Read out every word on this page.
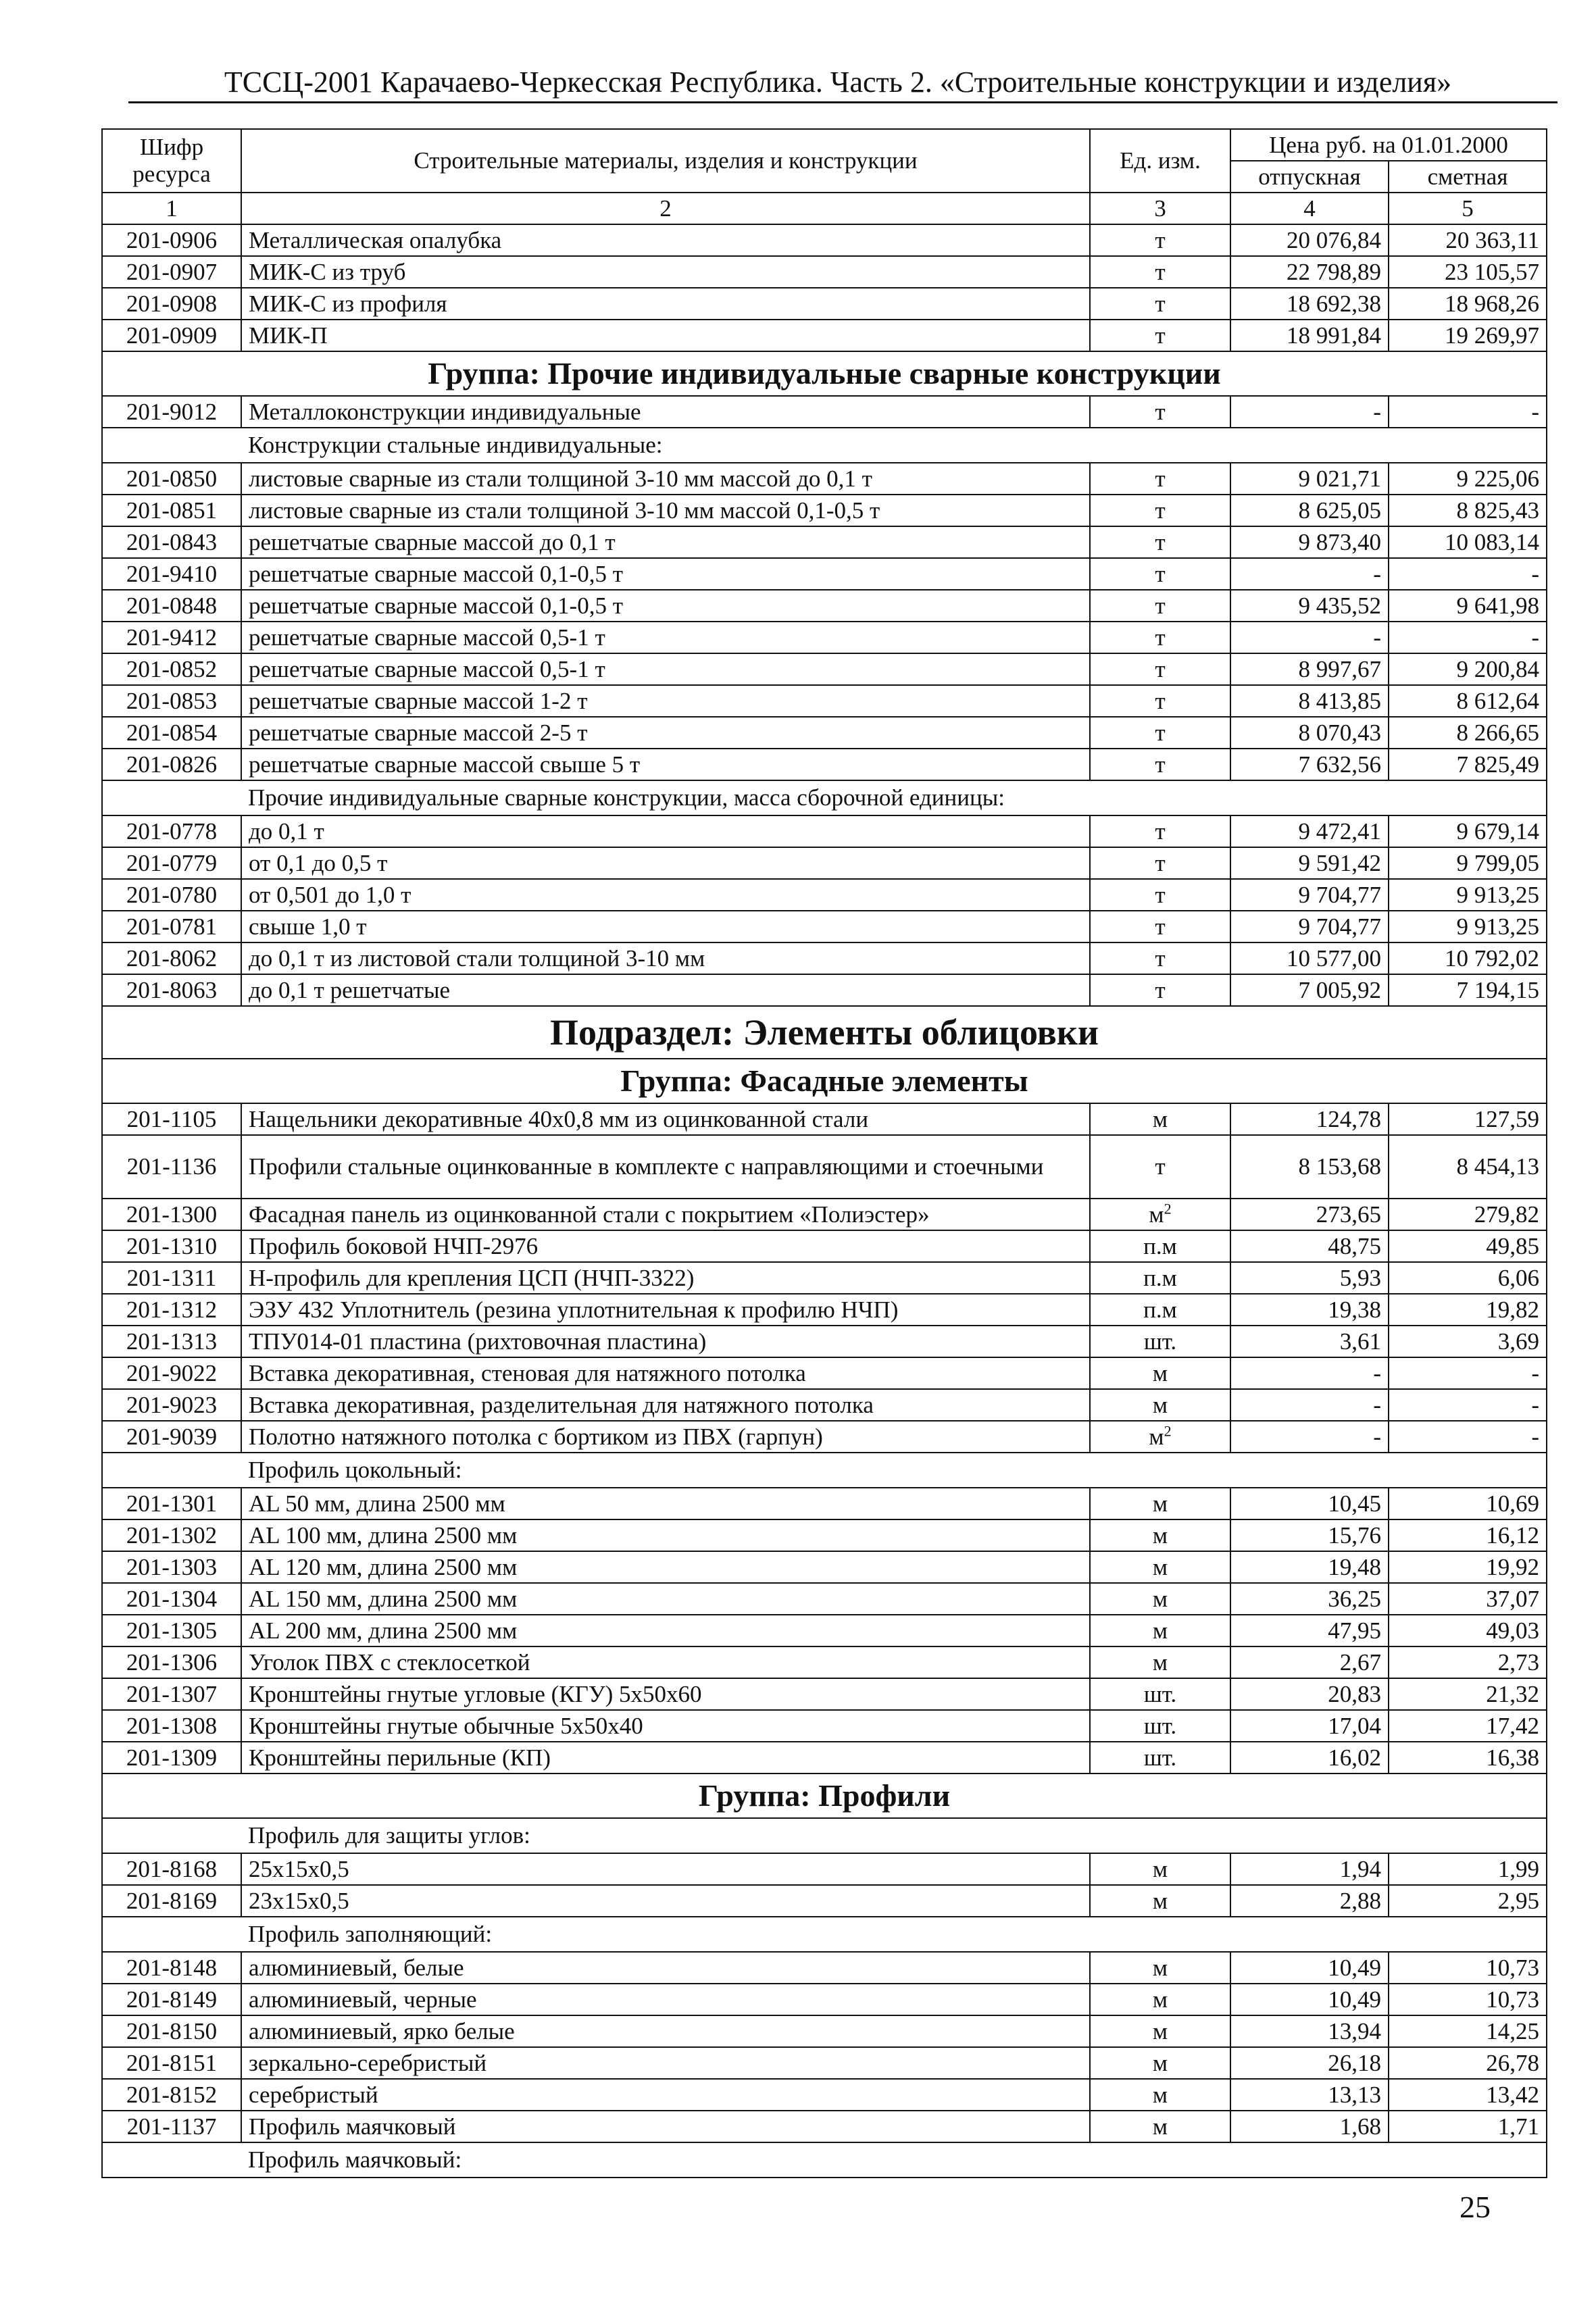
ТССЦ-2001 Карачаево-Черкесская Республика. Часть 2. «Строительные конструкции и изделия»
Шифр ресурса	Строительные материалы, изделия и конструкции	Ед. изм.	Цена руб. на 01.01.2000	
			отпускная	сметная
1	2	3	4	5
201-0906	Металлическая опалубка	т	20 076,84	20 363,11
201-0907	МИК-С из труб	т	22 798,89	23 105,57
201-0908	МИК-С из профиля	т	18 692,38	18 968,26
201-0909	МИК-П	т	18 991,84	19 269,97
Группа: Прочие индивидуальные сварные конструкции				
201-9012	Металлоконструкции индивидуальные	т	-	-
	Конструкции стальные индивидуальные:			
201-0850	листовые сварные из стали толщиной 3-10 мм массой до 0,1 т	т	9 021,71	9 225,06
201-0851	листовые сварные из стали толщиной 3-10 мм массой 0,1-0,5 т	т	8 625,05	8 825,43
201-0843	решетчатые сварные массой до 0,1 т	т	9 873,40	10 083,14
201-9410	решетчатые сварные массой 0,1-0,5 т	т	-	-
201-0848	решетчатые сварные массой 0,1-0,5 т	т	9 435,52	9 641,98
201-9412	решетчатые сварные массой 0,5-1 т	т	-	-
201-0852	решетчатые сварные массой 0,5-1 т	т	8 997,67	9 200,84
201-0853	решетчатые сварные массой 1-2 т	т	8 413,85	8 612,64
201-0854	решетчатые сварные массой 2-5 т	т	8 070,43	8 266,65
201-0826	решетчатые сварные массой свыше 5 т	т	7 632,56	7 825,49
	Прочие индивидуальные сварные конструкции, масса сборочной единицы:			
201-0778	до 0,1 т	т	9 472,41	9 679,14
201-0779	от 0,1 до 0,5 т	т	9 591,42	9 799,05
201-0780	от 0,501 до 1,0 т	т	9 704,77	9 913,25
201-0781	свыше 1,0 т	т	9 704,77	9 913,25
201-8062	до 0,1 т из листовой стали толщиной 3-10 мм	т	10 577,00	10 792,02
201-8063	до 0,1 т решетчатые	т	7 005,92	7 194,15
Подраздел: Элементы облицовки				
Группа: Фасадные элементы				
201-1105	Нащельники декоративные 40x0,8 мм из оцинкованной стали	м	124,78	127,59
201-1136	Профили стальные оцинкованные в комплекте с направляющими и стоечными	т	8 153,68	8 454,13
201-1300	Фасадная панель из оцинкованной стали с покрытием «Полиэстер»	$м^2$	273,65	279,82
201-1310	Профиль боковой НЧП-2976	п.м	48,75	49,85
201-1311	Н-профиль для крепления ЦСП (НЧП-3322)	п.м	5,93	6,06
201-1312	ЭЗУ 432 Уплотнитель (резина уплотнительная к профилю НЧП)	п.м	19,38	19,82
201-1313	ТПУ014-01 пластина (рихтовочная пластина)	шт.	3,61	3,69
201-9022	Вставка декоративная, стеновая для натяжного потолка	м	-	-
201-9023	Вставка декоративная, разделительная для натяжного потолка	м	-	-
201-9039	Полотно натяжного потолка с бортиком из ПВХ (гарпун)	$м^2$	-	-
	Профиль цокольный:			
201-1301	AL 50 мм, длина 2500 мм	м	10,45	10,69
201-1302	AL 100 мм, длина 2500 мм	м	15,76	16,12
201-1303	AL 120 мм, длина 2500 мм	м	19,48	19,92
201-1304	AL 150 мм, длина 2500 мм	м	36,25	37,07
201-1305	AL 200 мм, длина 2500 мм	м	47,95	49,03
201-1306	Уголок ПВХ с стеклосеткой	м	2,67	2,73
201-1307	Кронштейны гнутые угловые (КГУ) 5x50x60	шт.	20,83	21,32
201-1308	Кронштейны гнутые обычные 5x50x40	шт.	17,04	17,42
201-1309	Кронштейны перильные (КП)	шт.	16,02	16,38
Группа: Профили				
	Профиль для защиты углов:			
201-8168	25x15x0,5	м	1,94	1,99
201-8169	23x15x0,5	м	2,88	2,95
	Профиль заполняющий:			
201-8148	алюминиевый, белые	м	10,49	10,73
201-8149	алюминиевый, черные	м	10,49	10,73
201-8150	алюминиевый, ярко белые	м	13,94	14,25
201-8151	зеркально-серебристый	м	26,18	26,78
201-8152	серебристый	м	13,13	13,42
201-1137	Профиль маячковый	м	1,68	1,71
	Профиль маячковый:			
25
